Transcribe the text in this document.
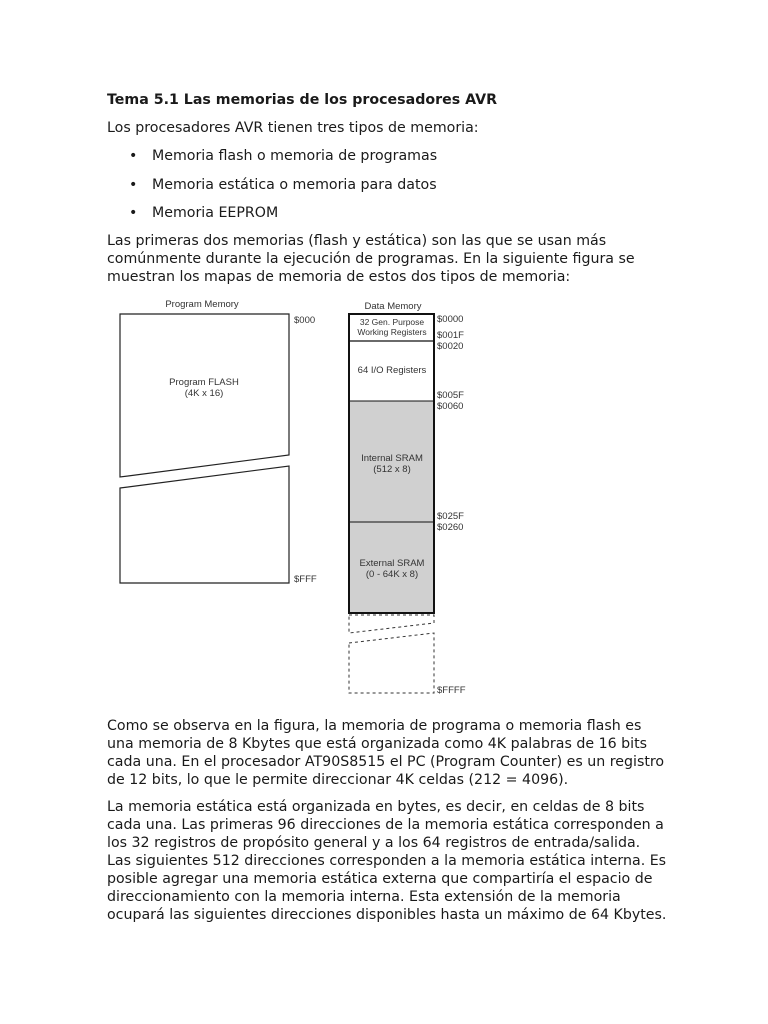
Tema 5.1 Las memorias de los procesadores AVR

Los procesadores AVR tienen tres tipos de memoria:

• Memoria flash o memoria de programas
• Memoria estática o memoria para datos
• Memoria EEPROM

Las primeras dos memorias (flash y estática) son las que se usan más comúnmente durante la ejecución de programas. En la siguiente figura se muestran los mapas de memoria de estos dos tipos de memoria:

Program Memory
Program FLASH
(4K x 16)
$000
$FFF
Data Memory
32 Gen. Purpose
Working Registers
64 I/O Registers
Internal SRAM
(512 x 8)
External SRAM
(0 - 64K x 8)
$0000
$001F
$0020
$005F
$0060
$025F
$0260
$FFFF

Como se observa en la figura, la memoria de programa o memoria flash es una memoria de 8 Kbytes que está organizada como 4K palabras de 16 bits cada una. En el procesador AT90S8515 el PC (Program Counter) es un registro de 12 bits, lo que le permite direccionar 4K celdas (212 = 4096).

La memoria estática está organizada en bytes, es decir, en celdas de 8 bits cada una. Las primeras 96 direcciones de la memoria estática corresponden a los 32 registros de propósito general y a los 64 registros de entrada/salida. Las siguientes 512 direcciones corresponden a la memoria estática interna. Es posible agregar una memoria estática externa que compartiría el espacio de direccionamiento con la memoria interna. Esta extensión de la memoria ocupará las siguientes direcciones disponibles hasta un máximo de 64 Kbytes.
